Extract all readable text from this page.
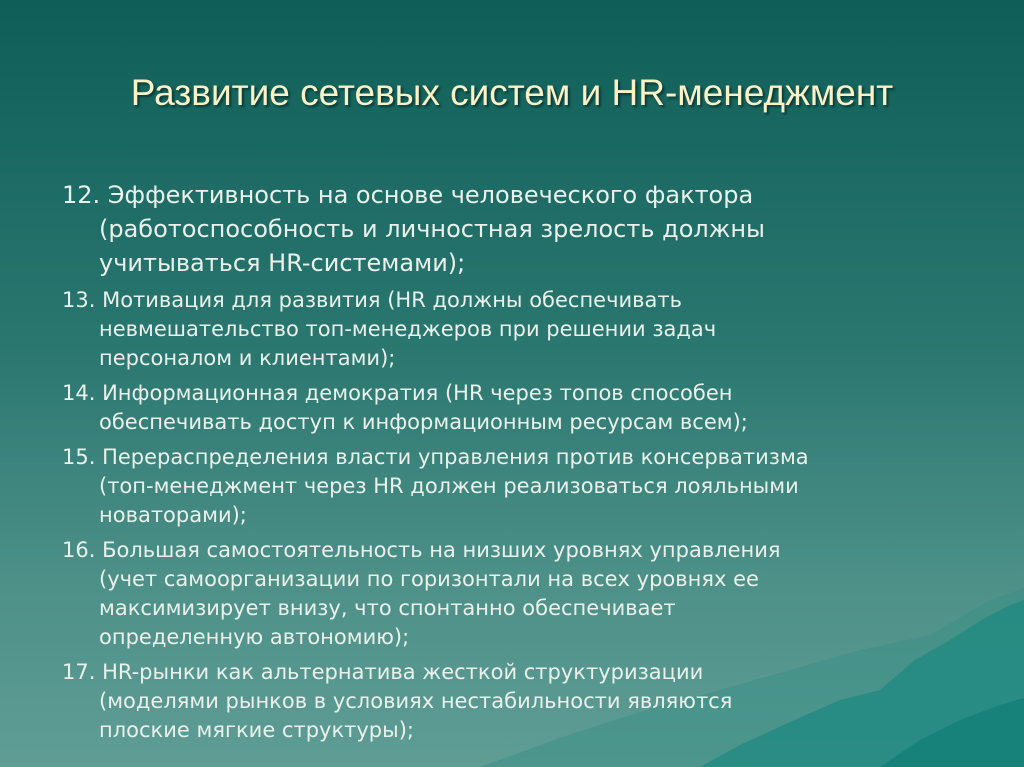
Развитие сетевых систем и HR-менеджмент
12. Эффективность на основе человеческого фактора
(работоспособность и личностная зрелость должны
учитываться HR-системами);
13. Мотивация для развития (HR должны обеспечивать
невмешательство топ-менеджеров при решении задач
персоналом и клиентами);
14. Информационная демократия (HR через топов способен
обеспечивать доступ к информационным ресурсам всем);
15. Перераспределения власти управления против консерватизма
(топ-менеджмент через HR должен реализоваться лояльными
новаторами);
16. Большая самостоятельность на низших уровнях управления
(учет самоорганизации по горизонтали на всех уровнях ее
максимизирует внизу, что спонтанно обеспечивает
определенную автономию);
17. HR-рынки как альтернатива жесткой структуризации
(моделями рынков в условиях нестабильности являются
плоские мягкие структуры);
